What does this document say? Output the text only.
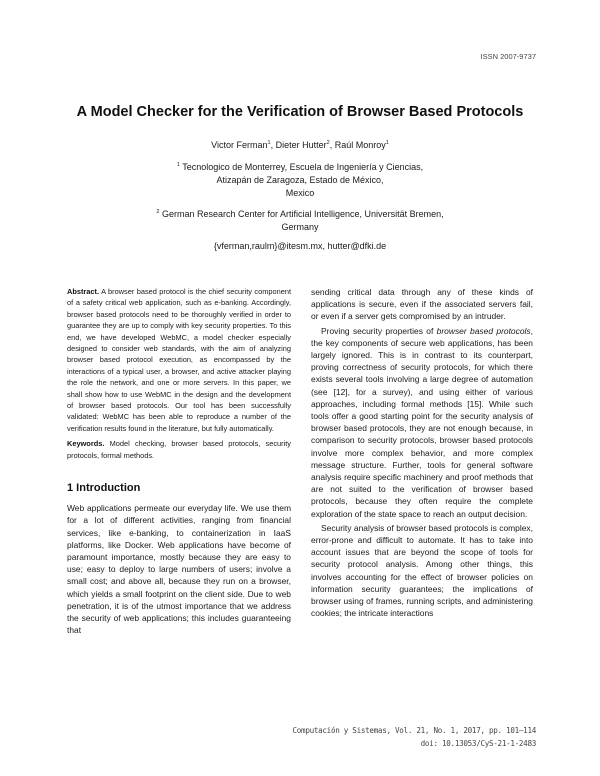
ISSN 2007-9737
A Model Checker for the Verification of Browser Based Protocols
Victor Ferman$^1$, Dieter Hutter$^2$, Raúl Monroy$^1$
$^1$ Tecnologico de Monterrey, Escuela de Ingeniería y Ciencias,
Atizapán de Zaragoza, Estado de México,
Mexico
$^2$ German Research Center for Artificial Intelligence, Universität Bremen,
Germany
{vferman,raulm}@itesm.mx, hutter@dfki.de

Abstract. A browser based protocol is the chief security component of a safety critical web application, such as e-banking. Accordingly, browser based protocols need to be thoroughly verified in order to guarantee they are up to comply with key security properties. To this end, we have developed WebMC, a model checker especially designed to consider web standards, with the aim of analyzing browser based protocol execution, as encompassed by the interactions of a typical user, a browser, and active attacker playing the role the network, and one or more servers. In this paper, we shall show how to use WebMC in the design and the development of browser based protocols. Our tool has been successfully validated: WebMC has been able to reproduce a number of the verification results found in the literature, but fully automatically.

Keywords. Model checking, browser based protocols, security protocols, formal methods.

1 Introduction

Web applications permeate our everyday life. We use them for a lot of different activities, ranging from financial services, like e-banking, to containerization in IaaS platforms, like Docker. Web applications have become of paramount importance, mostly because they are easy to use; easy to deploy to large numbers of users; involve a small cost; and above all, because they run on a browser, which yields a small footprint on the client side. Due to web penetration, it is of the utmost importance that we address the security of web applications; this includes guaranteeing that

sending critical data through any of these kinds of applications is secure, even if the associated servers fail, or even if a server gets compromised by an intruder.

Proving security properties of browser based protocols, the key components of secure web applications, has been largely ignored. This is in contrast to its counterpart, proving correctness of security protocols, for which there exists several tools involving a large degree of automation (see [12], for a survey), and using either of various approaches, including formal methods [15]. While such tools offer a good starting point for the security analysis of browser based protocols, they are not enough because, in comparison to security protocols, browser based protocols involve more complex behavior, and more complex message structure. Further, tools for general software analysis require specific machinery and proof methods that are not suited to the verification of browser based protocols, because they often require the complete exploration of the state space to reach an output decision.

Security analysis of browser based protocols is complex, error-prone and difficult to automate. It has to take into account issues that are beyond the scope of tools for security protocol analysis. Among other things, this involves accounting for the effect of browser policies on information security guarantees; the implications of browser using of frames, running scripts, and administering cookies; the intricate interactions

Computación y Sistemas, Vol. 21, No. 1, 2017, pp. 101–114
doi: 10.13053/CyS-21-1-2483
